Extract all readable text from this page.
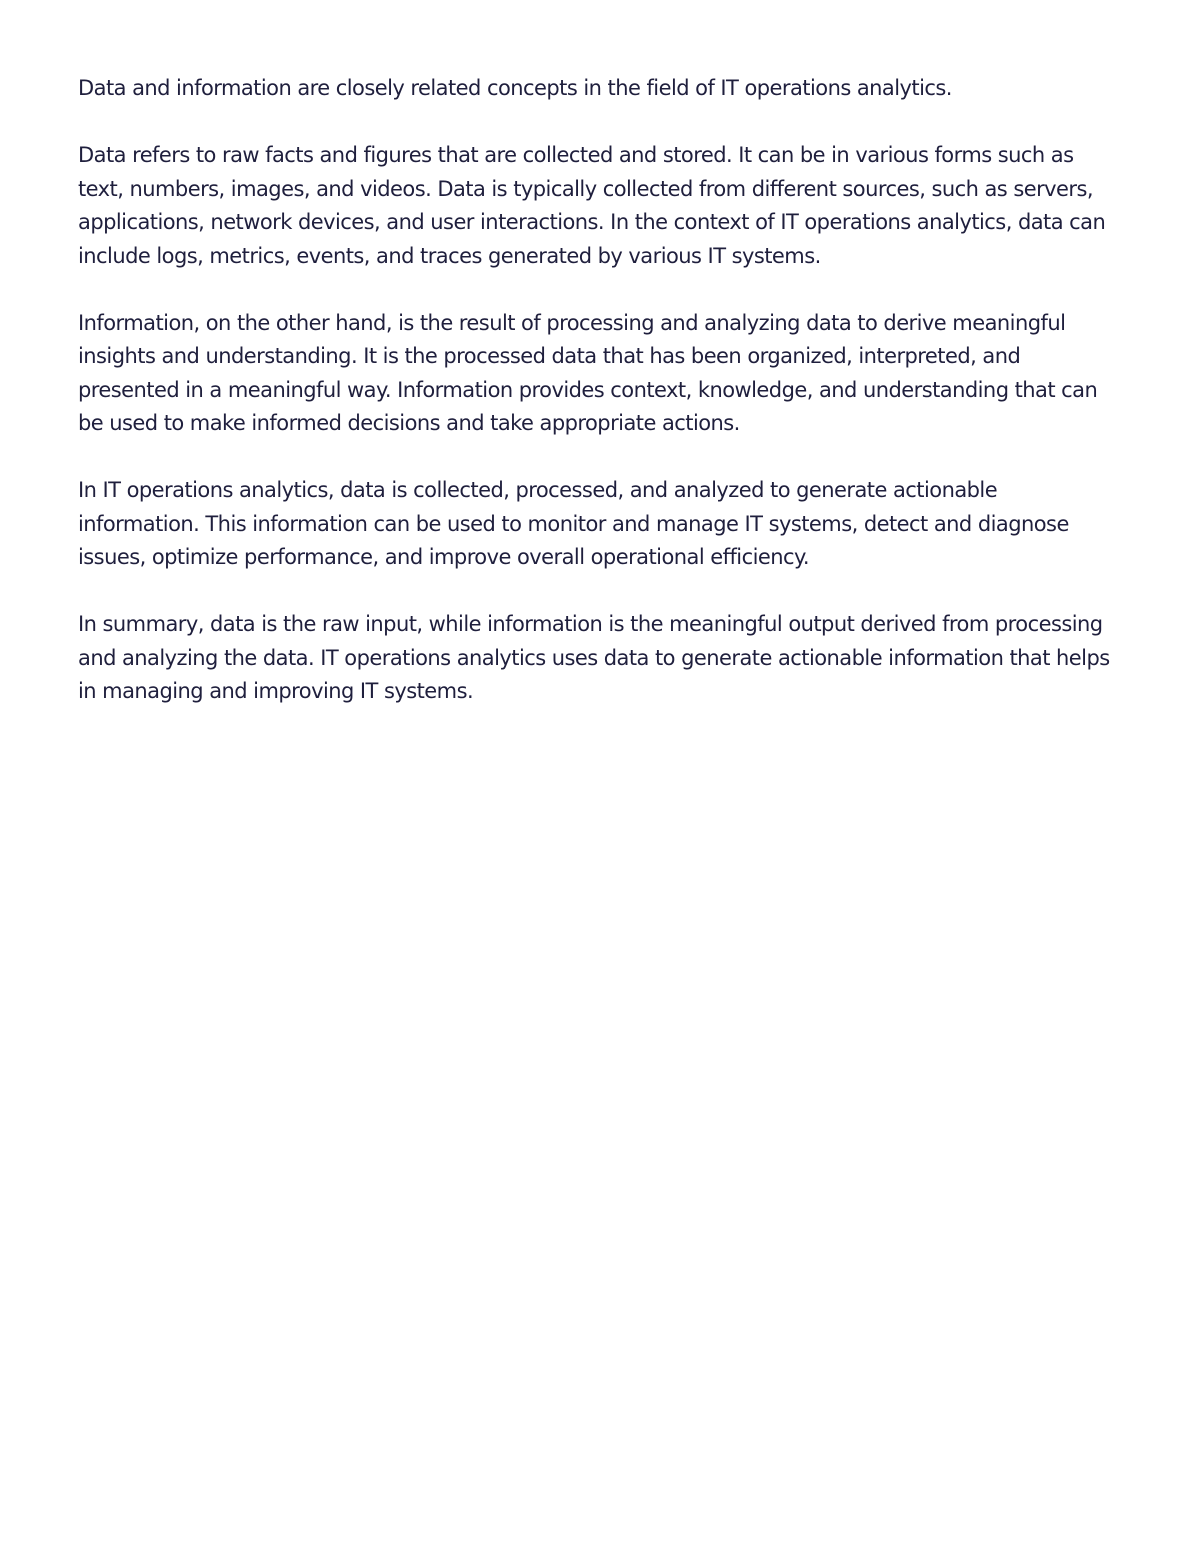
Data and information are closely related concepts in the field of IT operations analytics.

Data refers to raw facts and figures that are collected and stored. It can be in various forms such as text, numbers, images, and videos. Data is typically collected from different sources, such as servers, applications, network devices, and user interactions. In the context of IT operations analytics, data can include logs, metrics, events, and traces generated by various IT systems.

Information, on the other hand, is the result of processing and analyzing data to derive meaningful insights and understanding. It is the processed data that has been organized, interpreted, and presented in a meaningful way. Information provides context, knowledge, and understanding that can be used to make informed decisions and take appropriate actions.

In IT operations analytics, data is collected, processed, and analyzed to generate actionable information. This information can be used to monitor and manage IT systems, detect and diagnose issues, optimize performance, and improve overall operational efficiency.

In summary, data is the raw input, while information is the meaningful output derived from processing and analyzing the data. IT operations analytics uses data to generate actionable information that helps in managing and improving IT systems.
